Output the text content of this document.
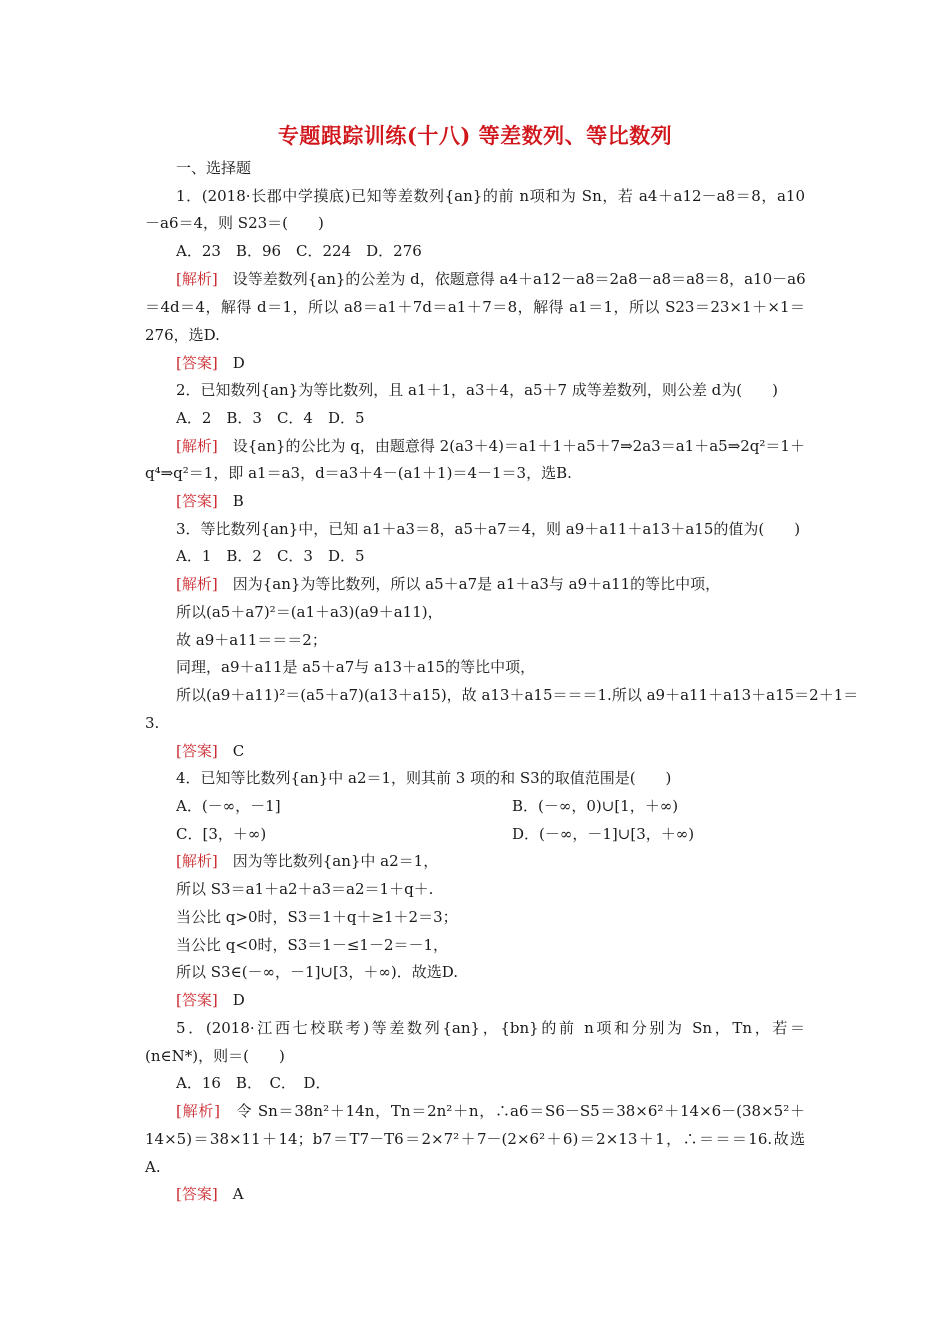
专题跟踪训练(十八) 等差数列、等比数列
一、选择题
1．(2018·长郡中学摸底)已知等差数列{an}的前 n项和为 Sn，若 a4＋a12－a8＝8，a10
－a6＝4，则 S23＝(　　)
A．23　B．96　C．224　D．276
[解析]　设等差数列{an}的公差为 d，依题意得 a4＋a12－a8＝2a8－a8＝a8＝8，a10－a6
＝4d＝4，解得 d＝1，所以 a8＝a1＋7d＝a1＋7＝8，解得 a1＝1，所以 S23＝23×1＋×1＝
276，选D.
[答案]　D
2．已知数列{an}为等比数列，且 a1＋1，a3＋4，a5＋7 成等差数列，则公差 d为(　　)
A．2　B．3　C．4　D．5
[解析]　设{an}的公比为 q，由题意得 2(a3＋4)＝a1＋1＋a5＋7⇒2a3＝a1＋a5⇒2q²＝1＋
q⁴⇒q²＝1，即 a1＝a3，d＝a3＋4－(a1＋1)＝4－1＝3，选B.
[答案]　B
3．等比数列{an}中，已知 a1＋a3＝8，a5＋a7＝4，则 a9＋a11＋a13＋a15的值为(　　)
A．1　B．2　C．3　D．5
[解析]　因为{an}为等比数列，所以 a5＋a7是 a1＋a3与 a9＋a11的等比中项，
所以(a5＋a7)²＝(a1＋a3)(a9＋a11)，
故 a9＋a11＝＝＝2；
同理，a9＋a11是 a5＋a7与 a13＋a15的等比中项，
所以(a9＋a11)²＝(a5＋a7)(a13＋a15)，故 a13＋a15＝＝＝1.所以 a9＋a11＋a13＋a15＝2＋1＝
3.
[答案]　C
4．已知等比数列{an}中 a2＝1，则其前 3 项的和 S3的取值范围是(　　)
A．(－∞，－1]	B．(－∞，0)∪[1，＋∞)
C．[3，＋∞)	D．(－∞，－1]∪[3，＋∞)
[解析]　因为等比数列{an}中 a2＝1，
所以 S3＝a1＋a2＋a3＝a2＝1＋q＋.
当公比 q>0时，S3＝1＋q＋≥1＋2＝3；
当公比 q<0时，S3＝1－≤1－2＝－1，
所以 S3∈(－∞，－1]∪[3，＋∞)．故选D.
[答案]　D
5．(2018·江西七校联考)等差数列{an}，{bn}的前 n项和分别为 Sn，Tn，若＝
(n∈N*)，则＝(　　)
A．16　B．　C．　D．
[解析]　令 Sn＝38n²＋14n，Tn＝2n²＋n，∴a6＝S6－S5＝38×6²＋14×6－(38×5²＋
14×5)＝38×11＋14；b7＝T7－T6＝2×7²＋7－(2×6²＋6)＝2×13＋1，∴＝＝＝16.故选
A.
[答案]　A
